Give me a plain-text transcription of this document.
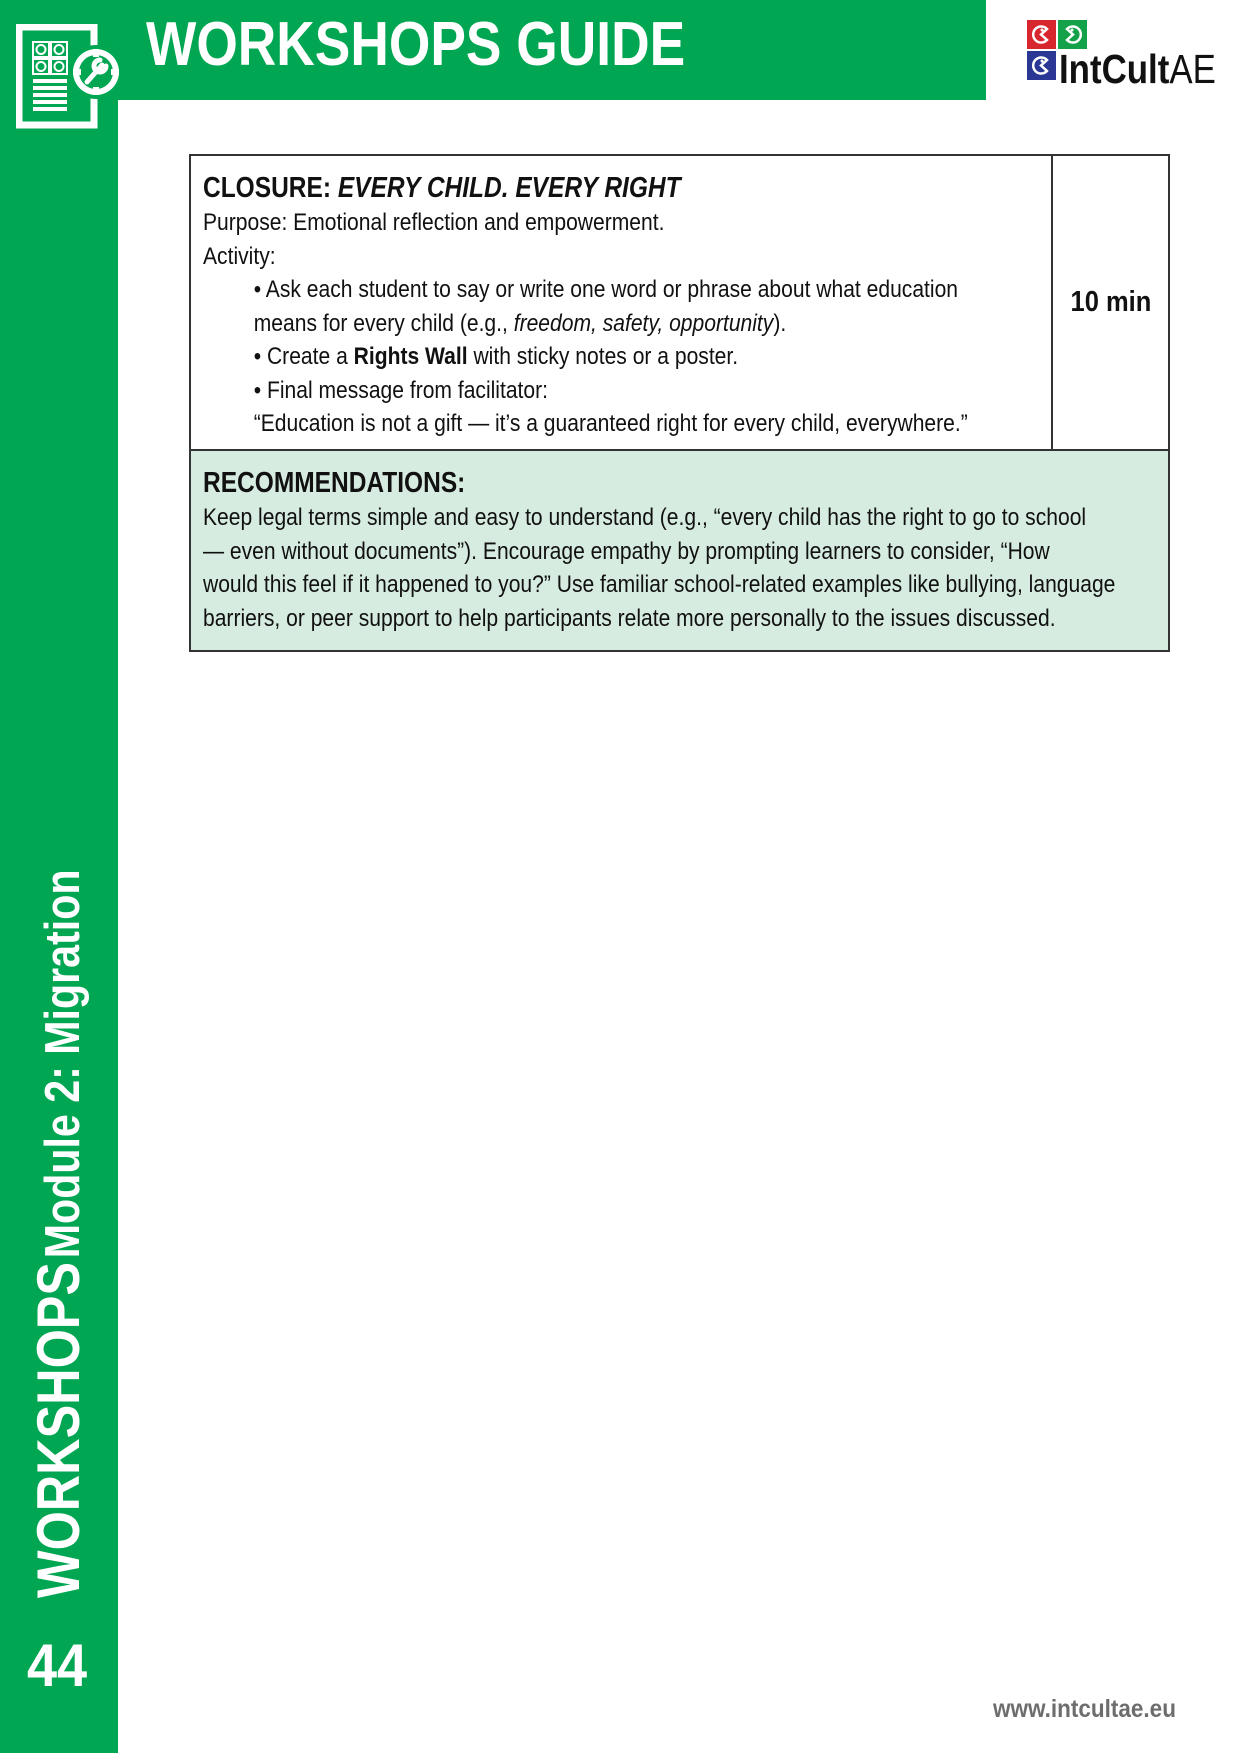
WORKSHOPS GUIDE	IntCultAE
WORKSHOPS Module 2: Migration
44
CLOSURE: EVERY CHILD. EVERY RIGHT
Purpose: Emotional reflection and empowerment.
Activity:
• Ask each student to say or write one word or phrase about what education
means for every child (e.g., freedom, safety, opportunity).
• Create a Rights Wall with sticky notes or a poster.
• Final message from facilitator:
“Education is not a gift — it’s a guaranteed right for every child, everywhere.”
10 min
RECOMMENDATIONS:
Keep legal terms simple and easy to understand (e.g., “every child has the right to go to school
— even without documents”). Encourage empathy by prompting learners to consider, “How
would this feel if it happened to you?” Use familiar school-related examples like bullying, language
barriers, or peer support to help participants relate more personally to the issues discussed.
www.intcultae.eu
